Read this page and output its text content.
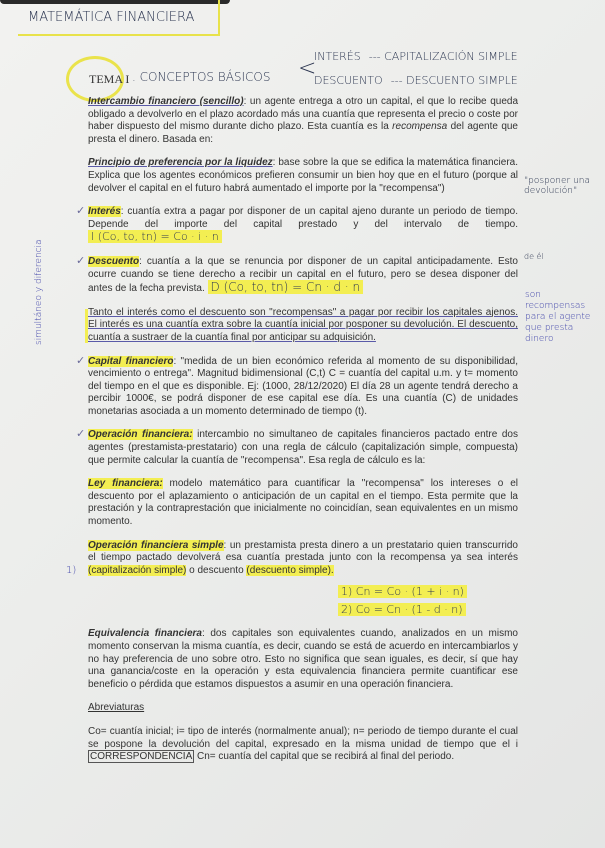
MATEMÁTICA FINANCIERA
TEMA I . CONCEPTOS BÁSICOS <
INTERÉS --- CAPITALIZACIÓN SIMPLE
DESCUENTO --- DESCUENTO SIMPLE
"posponer una devolución"
de él
son recompensas para el agente que presta dinero
simultáneo y diferencia
Intercambio financiero (sencillo): un agente entrega a otro un capital, el que lo recibe queda obligado a devolverlo en el plazo acordado más una cuantía que representa el precio o coste por haber dispuesto del mismo durante dicho plazo. Esta cuantía es la recompensa del agente que presta el dinero. Basada en:
Principio de preferencia por la liquidez: base sobre la que se edifica la matemática financiera. Explica que los agentes económicos prefieren consumir un bien hoy que en el futuro (porque al devolver el capital en el futuro habrá aumentado el importe por la "recompensa")
✓ Interés: cuantía extra a pagar por disponer de un capital ajeno durante un periodo de tiempo. Depende del importe del capital prestado y del intervalo de tiempo. I (Co, to, tn) = Co · i · n
✓ Descuento: cuantía a la que se renuncia por disponer de un capital anticipadamente. Esto ocurre cuando se tiene derecho a recibir un capital en el futuro, pero se desea disponer del antes de la fecha prevista. D (Co, to, tn) = Cn · d · n
Tanto el interés como el descuento son "recompensas" a pagar por recibir los capitales ajenos. El interés es una cuantía extra sobre la cuantía inicial por posponer su devolución. El descuento, cuantía a sustraer de la cuantía final por anticipar su adquisición.
✓ Capital financiero: "medida de un bien económico referida al momento de su disponibilidad, vencimiento o entrega". Magnitud bidimensional (C,t) C = cuantía del capital u.m. y t= momento del tiempo en el que es disponible. Ej: (1000, 28/12/2020) El día 28 un agente tendrá derecho a percibir 1000€, se podrá disponer de ese capital ese día. Es una cuantía (C) de unidades monetarias asociada a un momento determinado de tiempo (t).
✓ Operación financiera: intercambio no simultaneo de capitales financieros pactado entre dos agentes (prestamista-prestatario) con una regla de cálculo (capitalización simple, compuesta) que permite calcular la cuantía de "recompensa". Esa regla de cálculo es la:
Ley financiera: modelo matemático para cuantificar la "recompensa" los intereses o el descuento por el aplazamiento o anticipación de un capital en el tiempo. Esta permite que la prestación y la contraprestación que inicialmente no coincidían, sean equivalentes en un mismo momento.
1)
Operación financiera simple: un prestamista presta dinero a un prestatario quien transcurrido el tiempo pactado devolverá esa cuantía prestada junto con la recompensa ya sea interés (capitalización simple) o descuento (descuento simple).
1) Cn = Co · (1 + i · n)
2) Co = Cn · (1 - d · n)
Equivalencia financiera: dos capitales son equivalentes cuando, analizados en un mismo momento conservan la misma cuantía, es decir, cuando se está de acuerdo en intercambiarlos y no hay preferencia de uno sobre otro. Esto no significa que sean iguales, es decir, sí que hay una ganancia/coste en la operación y esta equivalencia financiera permite cuantificar ese beneficio o pérdida que estamos dispuestos a asumir en una operación financiera.
Abreviaturas
Co= cuantía inicial; i= tipo de interés (normalmente anual); n= periodo de tiempo durante el cual se pospone la devolución del capital, expresado en la misma unidad de tiempo que el i CORRESPONDENCIA Cn= cuantía del capital que se recibirá al final del periodo.
